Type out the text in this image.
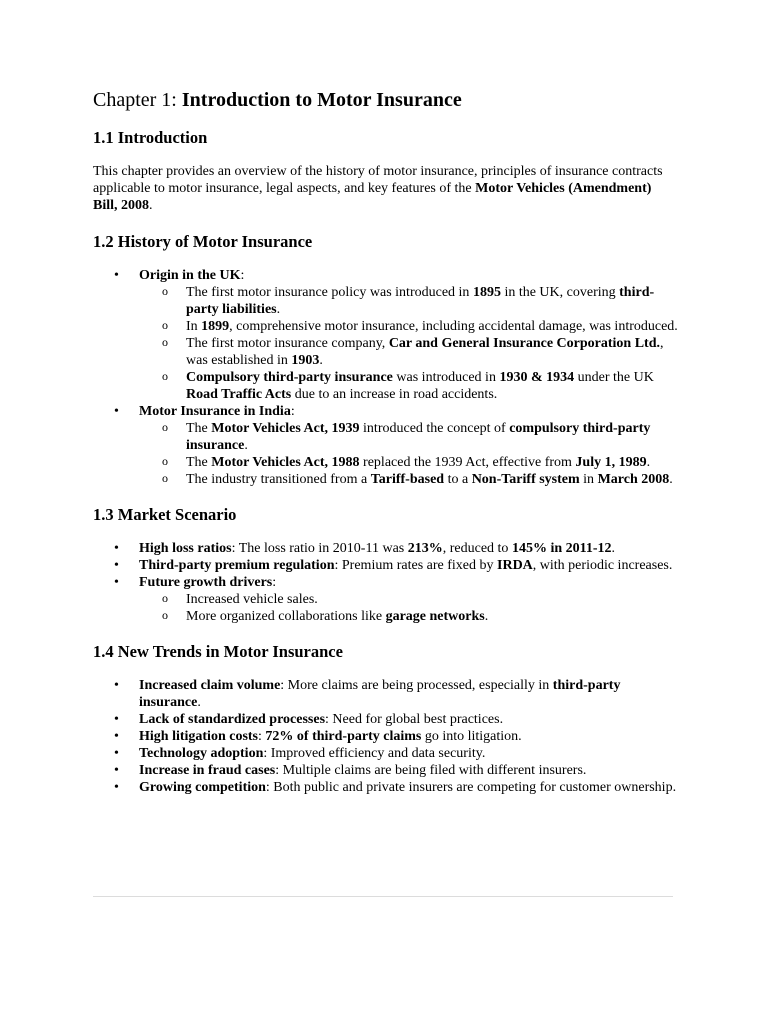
Chapter 1: Introduction to Motor Insurance
1.1 Introduction

This chapter provides an overview of the history of motor insurance, principles of insurance contracts applicable to motor insurance, legal aspects, and key features of the Motor Vehicles (Amendment) Bill, 2008.

1.2 History of Motor Insurance
• Origin in the UK:
o The first motor insurance policy was introduced in 1895 in the UK, covering third-party liabilities.
o In 1899, comprehensive motor insurance, including accidental damage, was introduced.
o The first motor insurance company, Car and General Insurance Corporation Ltd., was established in 1903.
o Compulsory third-party insurance was introduced in 1930 & 1934 under the UK Road Traffic Acts due to an increase in road accidents.
• Motor Insurance in India:
o The Motor Vehicles Act, 1939 introduced the concept of compulsory third-party insurance.
o The Motor Vehicles Act, 1988 replaced the 1939 Act, effective from July 1, 1989.
o The industry transitioned from a Tariff-based to a Non-Tariff system in March 2008.
1.3 Market Scenario
• High loss ratios: The loss ratio in 2010-11 was 213%, reduced to 145% in 2011-12.
• Third-party premium regulation: Premium rates are fixed by IRDA, with periodic increases.
• Future growth drivers:
o Increased vehicle sales.
o More organized collaborations like garage networks.
1.4 New Trends in Motor Insurance
• Increased claim volume: More claims are being processed, especially in third-party insurance.
• Lack of standardized processes: Need for global best practices.
• High litigation costs: 72% of third-party claims go into litigation.
• Technology adoption: Improved efficiency and data security.
• Increase in fraud cases: Multiple claims are being filed with different insurers.
• Growing competition: Both public and private insurers are competing for customer ownership.
